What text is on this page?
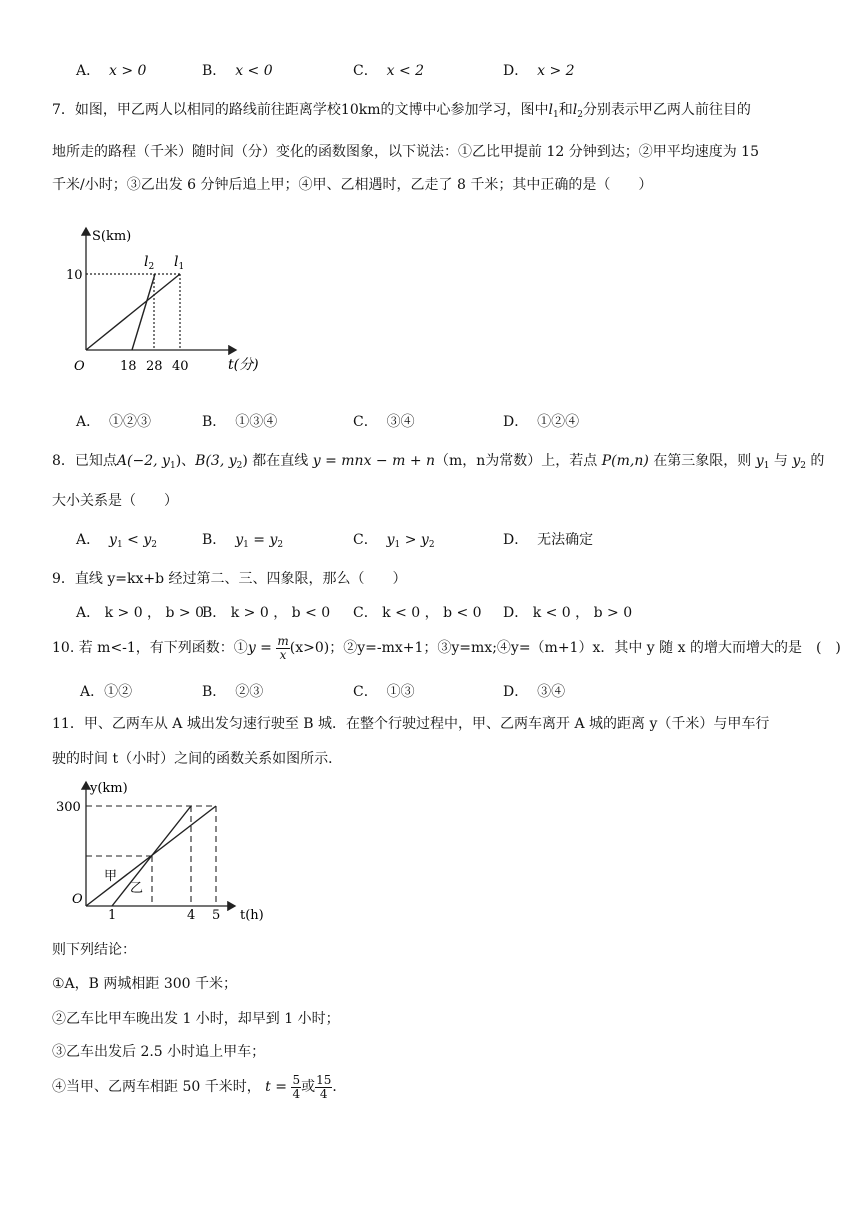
A． x > 0	B． x < 0	C． x < 2	D． x > 2
7．如图，甲乙两人以相同的路线前往距离学校10km的文博中心参加学习，图中$l_1$和$l_2$分别表示甲乙两人前往目的
地所走的路程（千米）随时间（分）变化的函数图象，以下说法：①乙比甲提前 12 分钟到达；②甲平均速度为 15
千米/小时；③乙出发 6 分钟后追上甲；④甲、乙相遇时，乙走了 8 千米；其中正确的是（　　）
S(km)
t(分)
O
10
18 28 40
$l_2$ $l_1$
A． ①②③	B． ①③④	C． ③④	D． ①②④
8．已知点A(−2, $y_1$)、B(3, $y_2$) 都在直线 y = mnx − m + n（m，n为常数）上，若点 P(m,n) 在第三象限，则 $y_1$ 与 $y_2$ 的
大小关系是（　　）
A． $y_1 < y_2$	B． $y_1 = y_2$	C． $y_1 > y_2$	D． 无法确定
9．直线 y=kx+b 经过第二、三、四象限，那么（　　）
A． k > 0 ， b > 0
B． k > 0 ， b < 0 C． k < 0 ， b < 0 D． k < 0 ， b > 0
10. 若 m<-1，有下列函数：①y = $\frac{m}{x} (x>0)$；②y=-mx+1；③y=mx;④y=（m+1）x．其中 y 随 x 的增大而增大的是　(　)
A．①②	B． ②③	C． ①③	D． ③④
11．甲、乙两车从 A 城出发匀速行驶至 B 城．在整个行驶过程中，甲、乙两车离开 A 城的距离 y（千米）与甲车行
驶的时间 t（小时）之间的函数关系如图所示．
y(km)
t(h)
O
300
1	4 5
甲
乙
则下列结论：
①A，B 两城相距 300 千米；
②乙车比甲车晚出发 1 小时，却早到 1 小时；
③乙车出发后 2.5 小时追上甲车；
④当甲、乙两车相距 50 千米时， $t = \frac{5}{4}$ 或 $\frac{15}{4}$ ．
